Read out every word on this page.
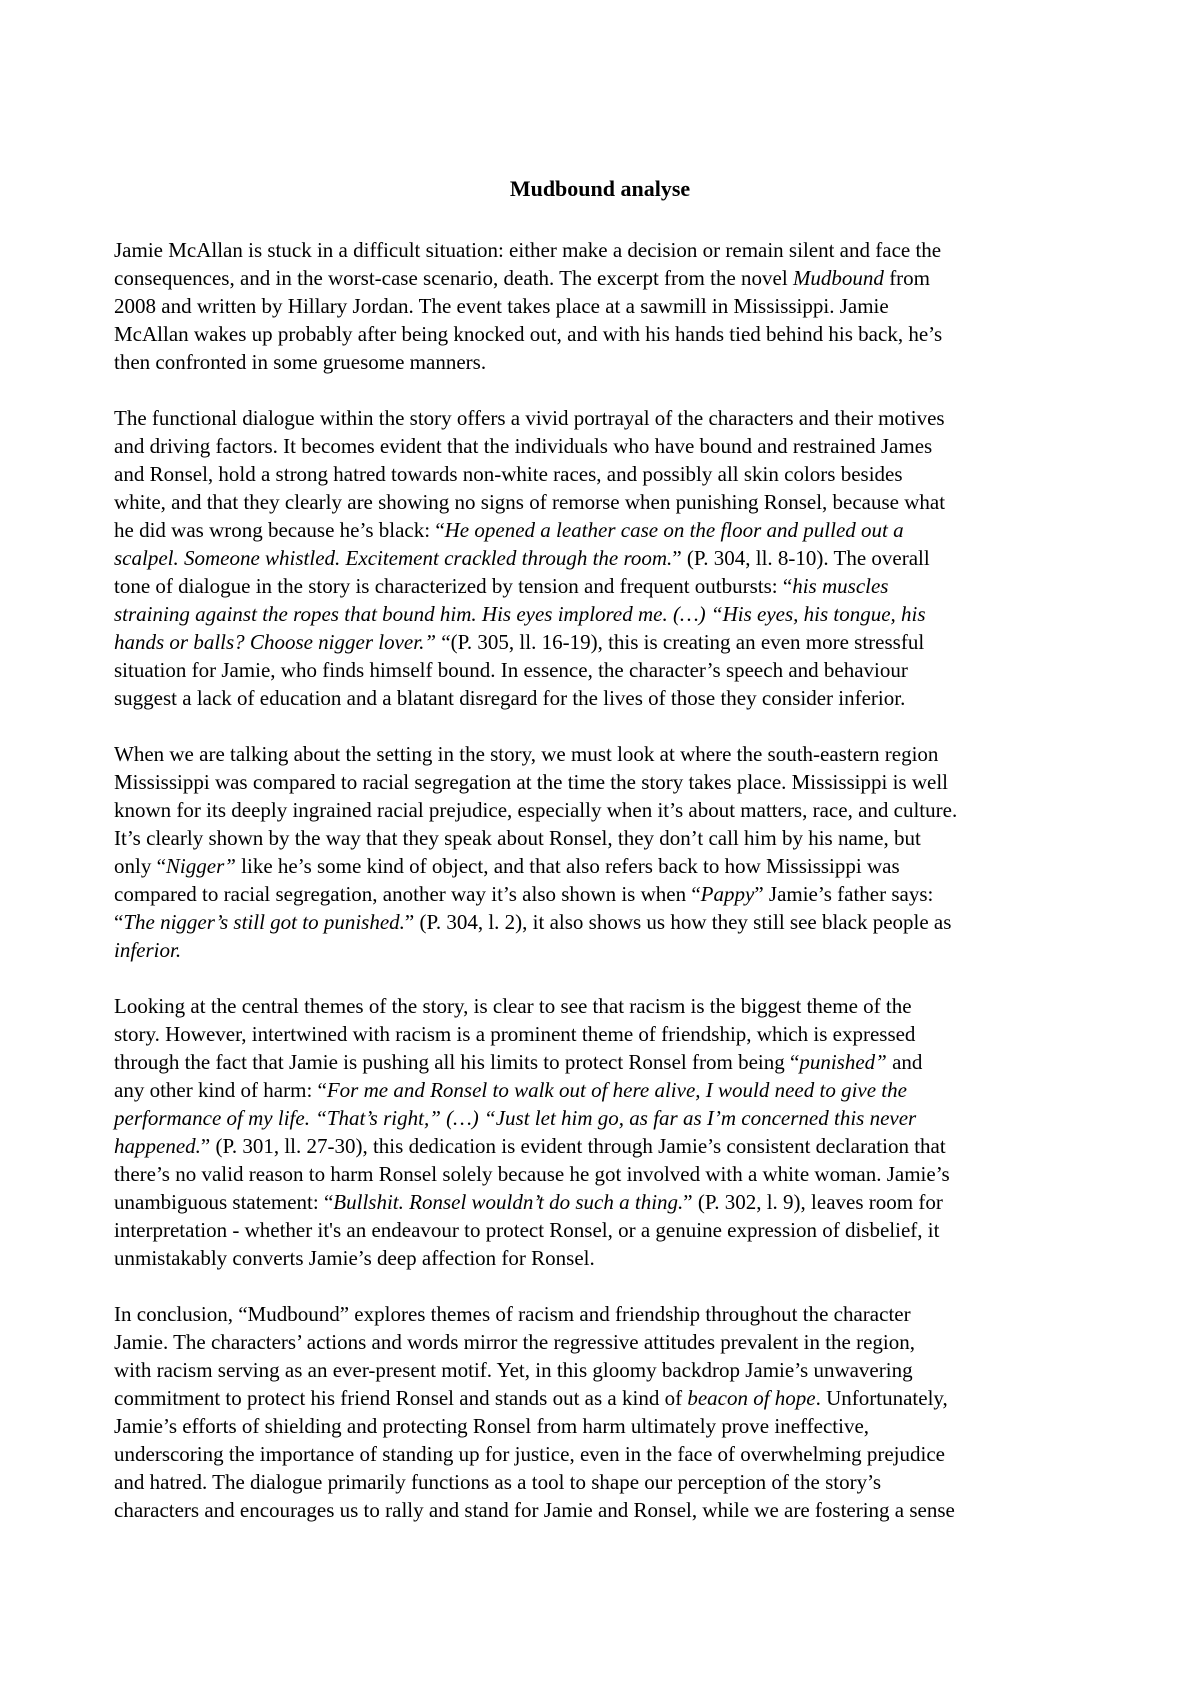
Mudbound analyse

Jamie McAllan is stuck in a difficult situation: either make a decision or remain silent and face the
consequences, and in the worst-case scenario, death. The excerpt from the novel Mudbound from
2008 and written by Hillary Jordan. The event takes place at a sawmill in Mississippi. Jamie
McAllan wakes up probably after being knocked out, and with his hands tied behind his back, he’s
then confronted in some gruesome manners.

The functional dialogue within the story offers a vivid portrayal of the characters and their motives
and driving factors. It becomes evident that the individuals who have bound and restrained James
and Ronsel, hold a strong hatred towards non-white races, and possibly all skin colors besides
white, and that they clearly are showing no signs of remorse when punishing Ronsel, because what
he did was wrong because he’s black: “He opened a leather case on the floor and pulled out a
scalpel. Someone whistled. Excitement crackled through the room.” (P. 304, ll. 8-10). The overall
tone of dialogue in the story is characterized by tension and frequent outbursts: “his muscles
straining against the ropes that bound him. His eyes implored me. (…) “His eyes, his tongue, his
hands or balls? Choose nigger lover.” “(P. 305, ll. 16-19), this is creating an even more stressful
situation for Jamie, who finds himself bound. In essence, the character’s speech and behaviour
suggest a lack of education and a blatant disregard for the lives of those they consider inferior.

When we are talking about the setting in the story, we must look at where the south-eastern region
Mississippi was compared to racial segregation at the time the story takes place. Mississippi is well
known for its deeply ingrained racial prejudice, especially when it’s about matters, race, and culture.
It’s clearly shown by the way that they speak about Ronsel, they don’t call him by his name, but
only “Nigger” like he’s some kind of object, and that also refers back to how Mississippi was
compared to racial segregation, another way it’s also shown is when “Pappy” Jamie’s father says:
“The nigger’s still got to punished.” (P. 304, l. 2), it also shows us how they still see black people as
inferior.

Looking at the central themes of the story, is clear to see that racism is the biggest theme of the
story. However, intertwined with racism is a prominent theme of friendship, which is expressed
through the fact that Jamie is pushing all his limits to protect Ronsel from being “punished” and
any other kind of harm: “For me and Ronsel to walk out of here alive, I would need to give the
performance of my life. “That’s right,” (…) “Just let him go, as far as I’m concerned this never
happened.” (P. 301, ll. 27-30), this dedication is evident through Jamie’s consistent declaration that
there’s no valid reason to harm Ronsel solely because he got involved with a white woman. Jamie’s
unambiguous statement: “Bullshit. Ronsel wouldn’t do such a thing.” (P. 302, l. 9), leaves room for
interpretation - whether it's an endeavour to protect Ronsel, or a genuine expression of disbelief, it
unmistakably converts Jamie’s deep affection for Ronsel.

In conclusion, “Mudbound” explores themes of racism and friendship throughout the character
Jamie. The characters’ actions and words mirror the regressive attitudes prevalent in the region,
with racism serving as an ever-present motif. Yet, in this gloomy backdrop Jamie’s unwavering
commitment to protect his friend Ronsel and stands out as a kind of beacon of hope. Unfortunately,
Jamie’s efforts of shielding and protecting Ronsel from harm ultimately prove ineffective,
underscoring the importance of standing up for justice, even in the face of overwhelming prejudice
and hatred. The dialogue primarily functions as a tool to shape our perception of the story’s
characters and encourages us to rally and stand for Jamie and Ronsel, while we are fostering a sense
